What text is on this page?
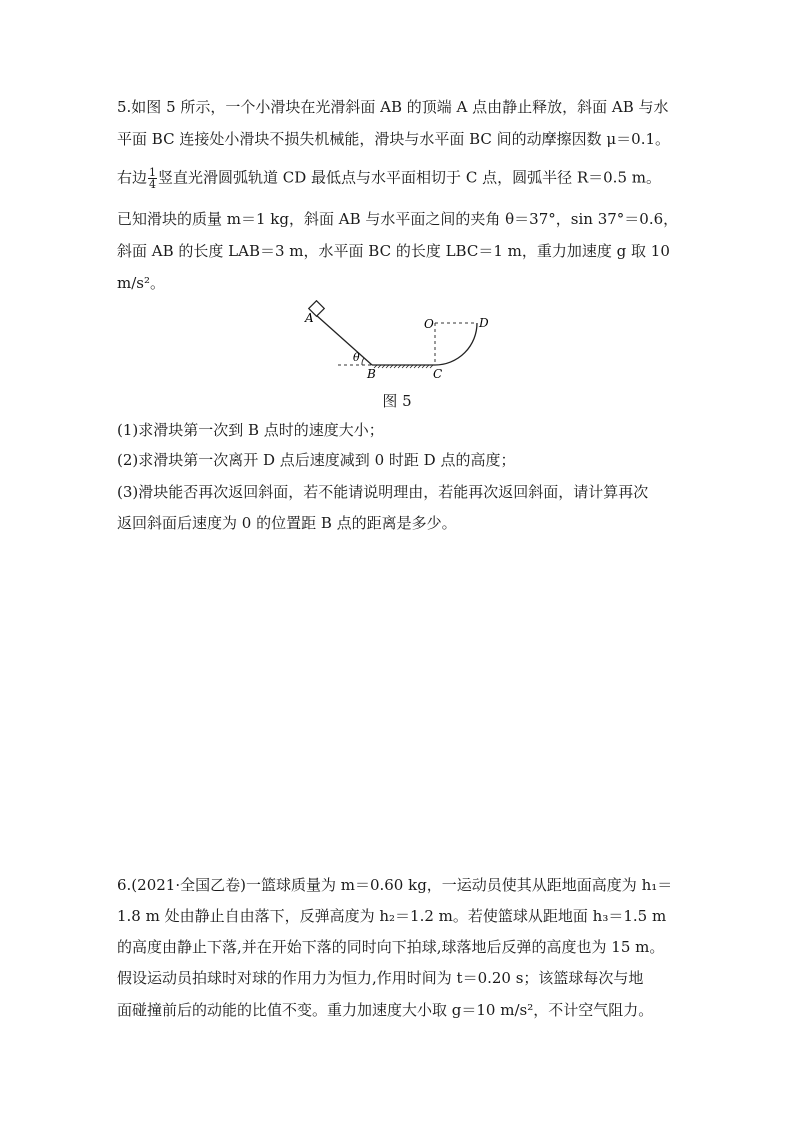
5.如图 5 所示，一个小滑块在光滑斜面 AB 的顶端 A 点由静止释放，斜面 AB 与水
平面 BC 连接处小滑块不损失机械能，滑块与水平面 BC 间的动摩擦因数 μ＝0.1。
右边 $\frac{1}{4}$ 竖直光滑圆弧轨道 CD 最低点与水平面相切于 C 点，圆弧半径 R＝0.5 m。
已知滑块的质量 m＝1 kg，斜面 AB 与水平面之间的夹角 θ＝37°，sin 37°＝0.6，
斜面 AB 的长度 LAB＝3 m，水平面 BC 的长度 LBC＝1 m，重力加速度 g 取 10
m/s²。
A
θ
B	C
O	D
图 5
(1)求滑块第一次到 B 点时的速度大小；
(2)求滑块第一次离开 D 点后速度减到 0 时距 D 点的高度；
(3)滑块能否再次返回斜面，若不能请说明理由，若能再次返回斜面，请计算再次
返回斜面后速度为 0 的位置距 B 点的距离是多少。
6.(2021·全国乙卷)一篮球质量为 m＝0.60 kg，一运动员使其从距地面高度为 h₁＝
1.8 m 处由静止自由落下，反弹高度为 h₂＝1.2 m。若使篮球从距地面 h₃＝1.5 m
的高度由静止下落,并在开始下落的同时向下拍球,球落地后反弹的高度也为 15 m。
假设运动员拍球时对球的作用力为恒力,作用时间为 t＝0.20 s；该篮球每次与地
面碰撞前后的动能的比值不变。重力加速度大小取 g＝10 m/s²，不计空气阻力。
